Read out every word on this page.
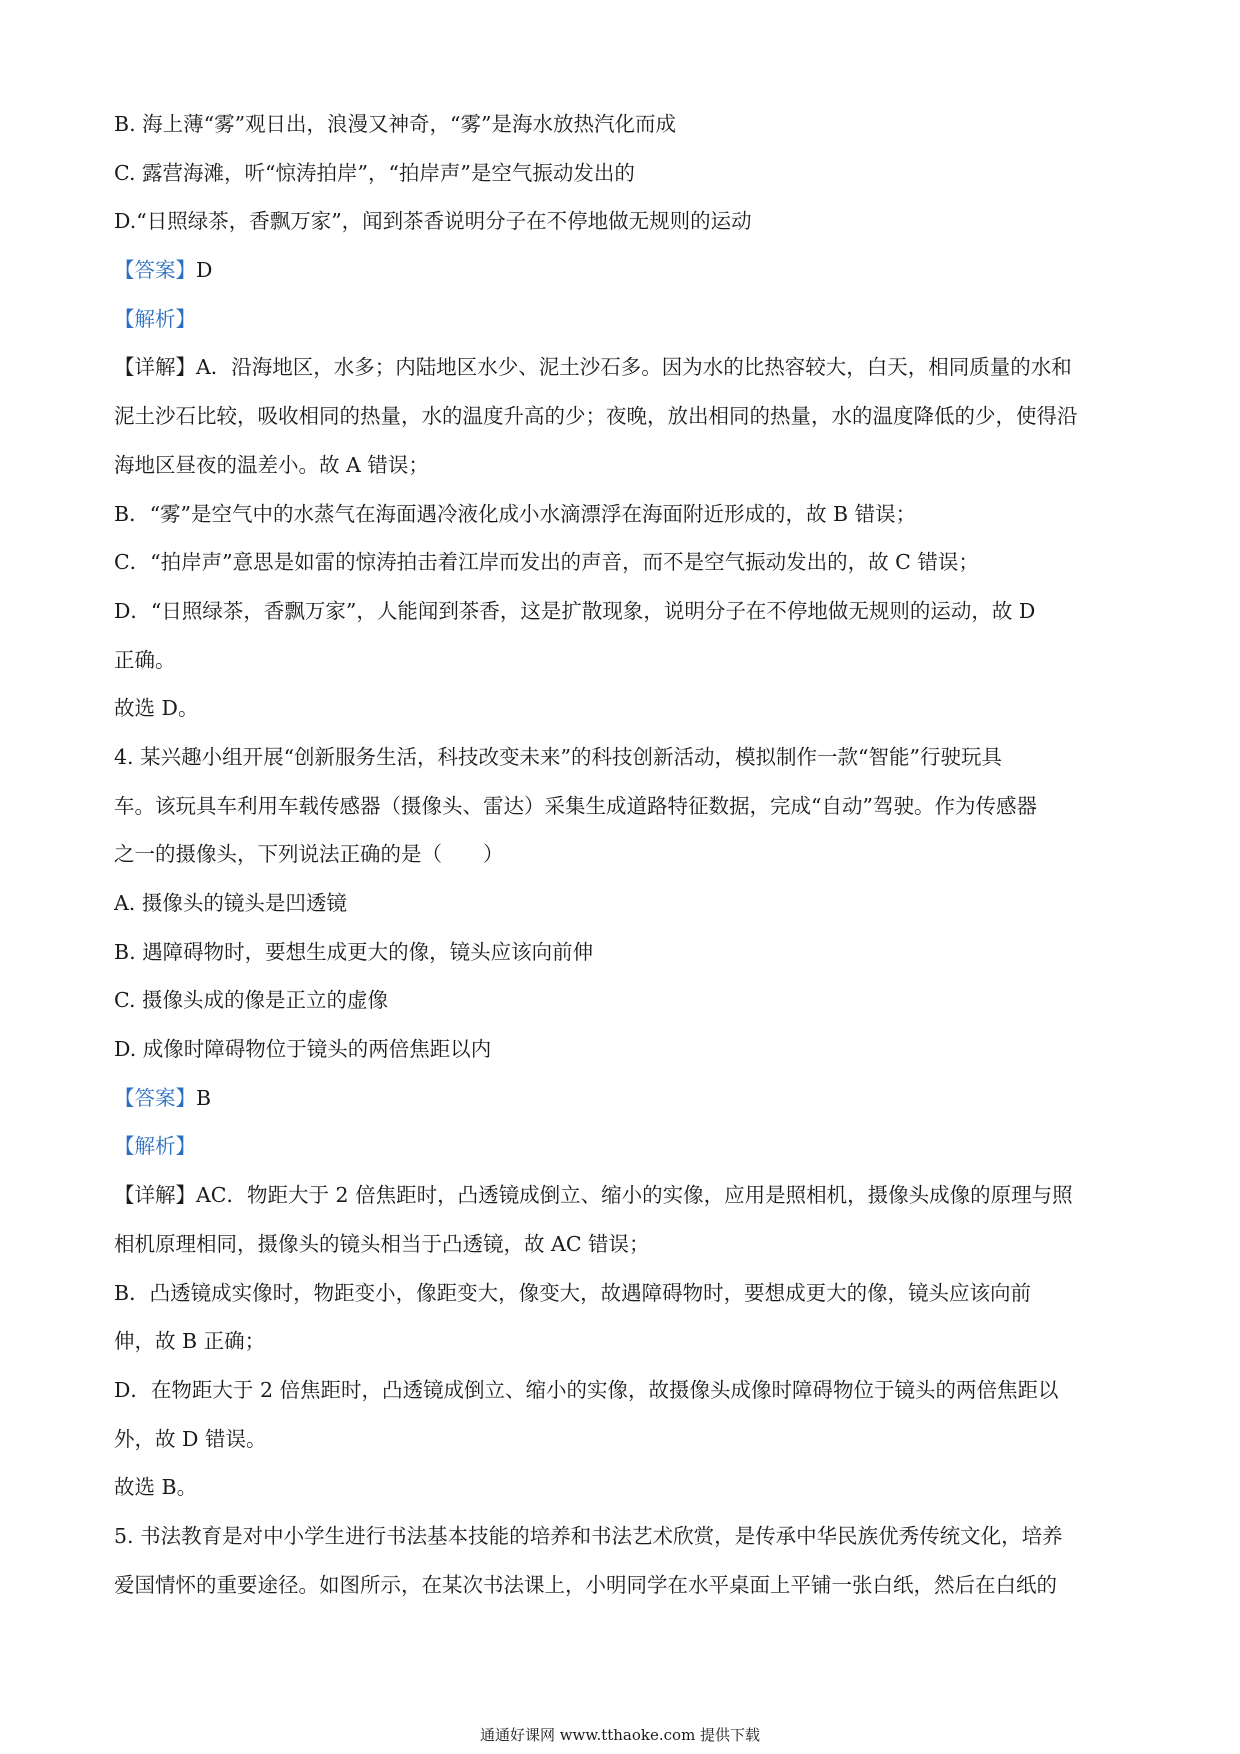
B. 海上薄“雾”观日出，浪漫又神奇，“雾”是海水放热汽化而成
C. 露营海滩，听“惊涛拍岸”，“拍岸声”是空气振动发出的
D.“日照绿茶，香飘万家”，闻到茶香说明分子在不停地做无规则的运动
【答案】D
【解析】
【详解】A．沿海地区，水多；内陆地区水少、泥土沙石多。因为水的比热容较大，白天，相同质量的水和
泥土沙石比较，吸收相同的热量，水的温度升高的少；夜晚，放出相同的热量，水的温度降低的少，使得沿
海地区昼夜的温差小。故 A 错误；
B．“雾”是空气中的水蒸气在海面遇冷液化成小水滴漂浮在海面附近形成的，故 B 错误；
C．“拍岸声”意思是如雷的惊涛拍击着江岸而发出的声音，而不是空气振动发出的，故 C 错误；
D．“日照绿茶，香飘万家”，人能闻到茶香，这是扩散现象，说明分子在不停地做无规则的运动，故 D
正确。
故选 D。
4. 某兴趣小组开展“创新服务生活，科技改变未来”的科技创新活动，模拟制作一款“智能”行驶玩具
车。该玩具车利用车载传感器（摄像头、雷达）采集生成道路特征数据，完成“自动”驾驶。作为传感器
之一的摄像头，下列说法正确的是（　　）
A. 摄像头的镜头是凹透镜
B. 遇障碍物时，要想生成更大的像，镜头应该向前伸
C. 摄像头成的像是正立的虚像
D. 成像时障碍物位于镜头的两倍焦距以内
【答案】B
【解析】
【详解】AC．物距大于 2 倍焦距时，凸透镜成倒立、缩小的实像，应用是照相机，摄像头成像的原理与照
相机原理相同，摄像头的镜头相当于凸透镜，故 AC 错误；
B．凸透镜成实像时，物距变小，像距变大，像变大，故遇障碍物时，要想成更大的像，镜头应该向前
伸，故 B 正确；
D．在物距大于 2 倍焦距时，凸透镜成倒立、缩小的实像，故摄像头成像时障碍物位于镜头的两倍焦距以
外，故 D 错误。
故选 B。
5. 书法教育是对中小学生进行书法基本技能的培养和书法艺术欣赏，是传承中华民族优秀传统文化，培养
爱国情怀的重要途径。如图所示，在某次书法课上，小明同学在水平桌面上平铺一张白纸，然后在白纸的
通通好课网 www.tthaoke.com 提供下载
